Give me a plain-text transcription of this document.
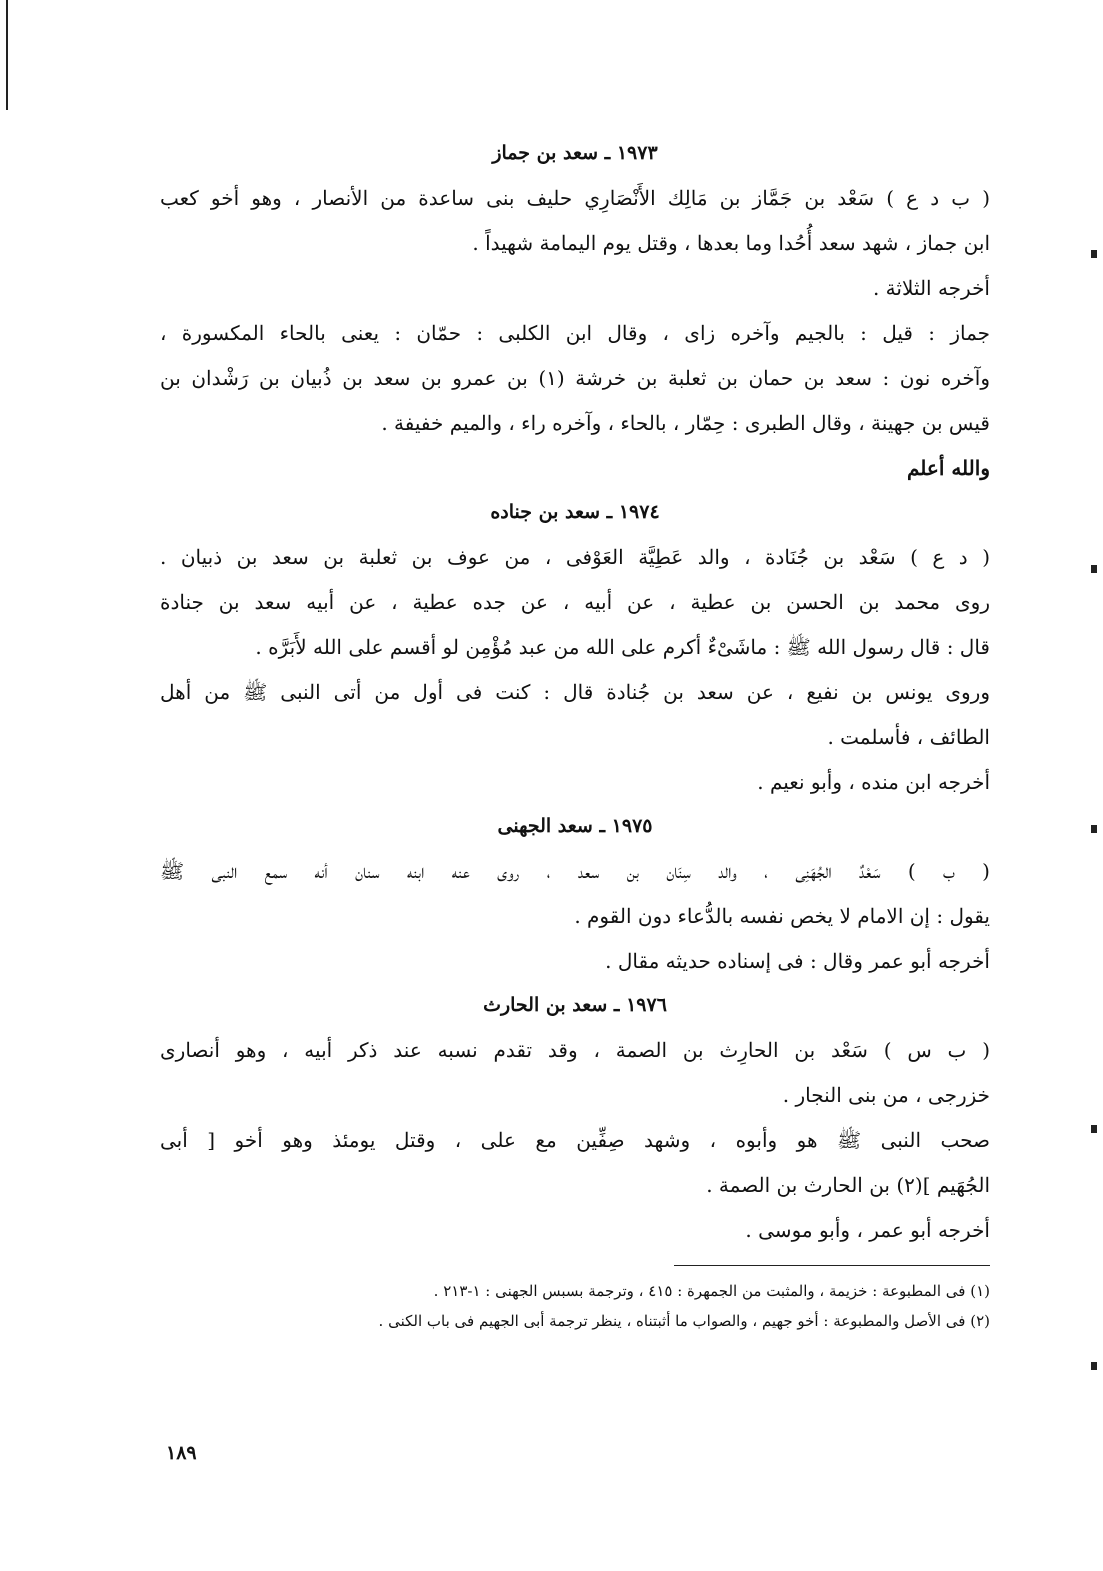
١٩٧٣ ـ سعد بن جماز
( ب د ع ) سَعْد بن جَمَّاز بن مَالِك الأَنْصَارِي حليف بنى ساعدة من الأنصار ، وهو أخو كعب
ابن جماز ، شهد سعد أُحُدا وما بعدها ، وقتل يوم اليمامة شهيداً .
أخرجه الثلاثة .
جماز : قيل : بالجيم وآخره زاى ، وقال ابن الكلبى : حمّان : يعنى بالحاء المكسورة ،
وآخره نون : سعد بن حمان بن ثعلبة بن خرشة (١) بن عمرو بن سعد بن ذُبيان بن رَشْدان بن
قيس بن جهينة ، وقال الطبرى : حِمّار ، بالحاء ، وآخره راء ، والميم خفيفة .
والله أعلم
١٩٧٤ ـ سعد بن جناده
( د ع ) سَعْد بن جُنَادة ، والد عَطِيَّة العَوْفى ، من عوف بن ثعلبة بن سعد بن ذبيان .
روى محمد بن الحسن بن عطية ، عن أبيه ، عن جده عطية ، عن أبيه سعد بن جنادة
قال : قال رسول الله ﷺ : ماشَىْءٌ أكرم على الله من عبد مُؤْمِن لو أقسم على الله لأَبَرَّه .
وروى يونس بن نفيع ، عن سعد بن جُنادة قال : كنت فى أول من أتى النبى ﷺ من أهل
الطائف ، فأسلمت .
أخرجه ابن منده ، وأبو نعيم .
١٩٧٥ ـ سعد الجهنى
( ب ) سَعْدٌ الجُهَنِى ، والد سِنَان بن سعد ، روى عنه ابنه سنان أنه سمع النبى ﷺ
يقول : إن الامام لا يخص نفسه بالدُّعاء دون القوم .
أخرجه أبو عمر وقال : فى إسناده حديثه مقال .
١٩٧٦ ـ سعد بن الحارث
( ب س ) سَعْد بن الحارِث بن الصمة ، وقد تقدم نسبه عند ذكر أبيه ، وهو أنصارى
خزرجى ، من بنى النجار .
صحب النبى ﷺ هو وأبوه ، وشهد صِفِّين مع على ، وقتل يومئذ وهو أخو [ أبى
الجُهَيم ](٢) بن الحارث بن الصمة .
أخرجه أبو عمر ، وأبو موسى .
(١) فى المطبوعة : خزيمة ، والمثبت من الجمهرة : ٤١٥ ، وترجمة بسبس الجهنى : ١-٢١٣ .
(٢) فى الأصل والمطبوعة : أخو جهيم ، والصواب ما أثبتناه ، ينظر ترجمة أبى الجهيم فى باب الكنى .
١٨٩
